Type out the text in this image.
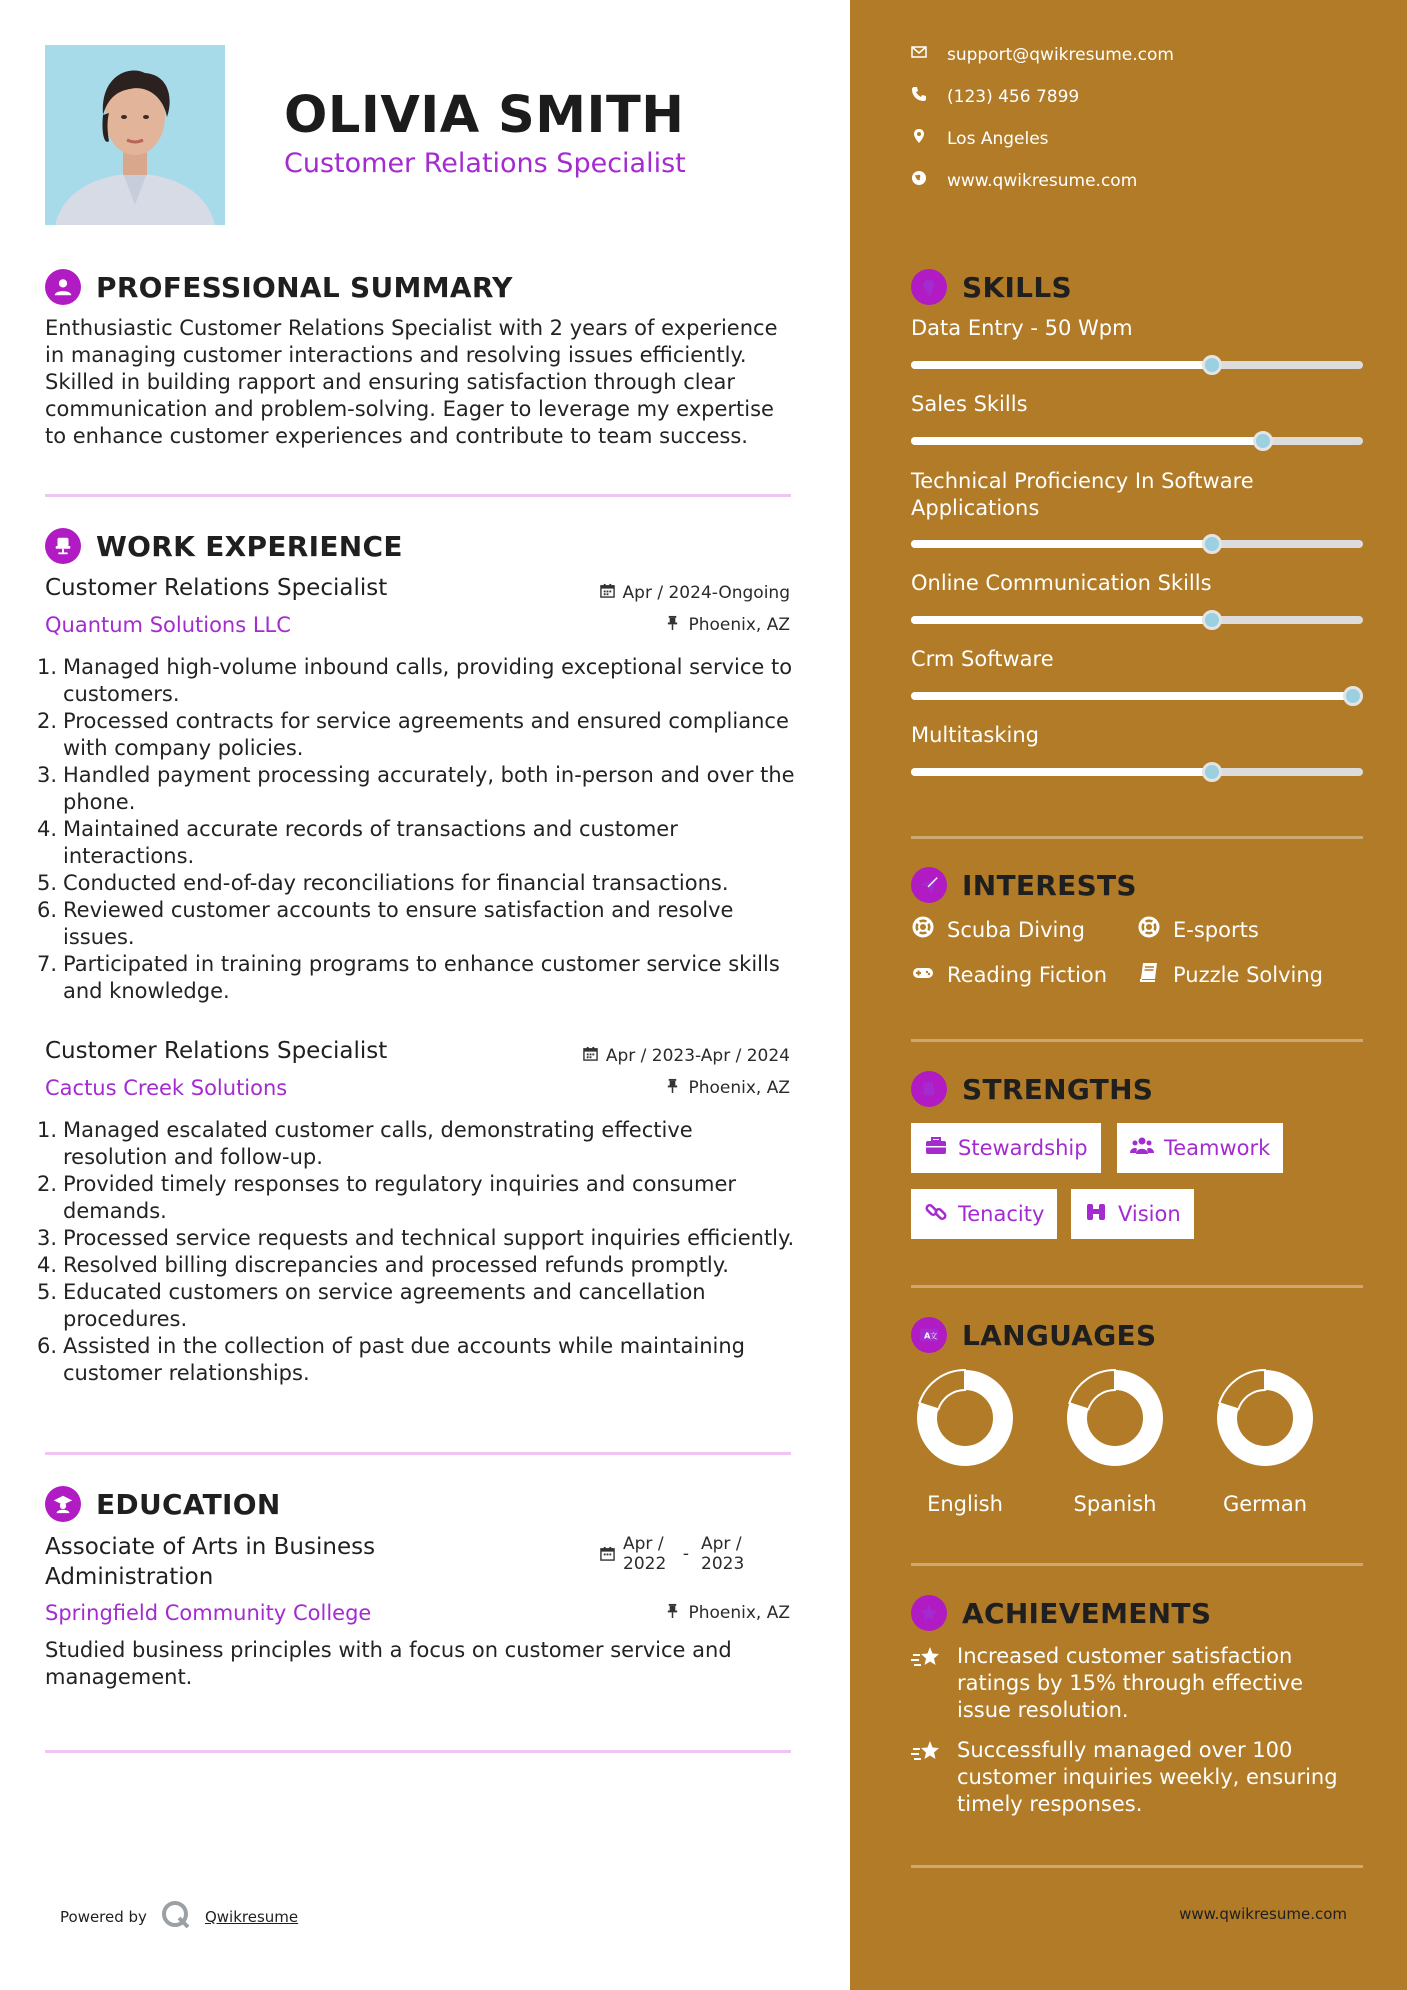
OLIVIA SMITH
Customer Relations Specialist
PROFESSIONAL SUMMARY
Enthusiastic Customer Relations Specialist with 2 years of experience in managing customer interactions and resolving issues efficiently. Skilled in building rapport and ensuring satisfaction through clear communication and problem-solving. Eager to leverage my expertise to enhance customer experiences and contribute to team success.
WORK EXPERIENCE
Customer Relations Specialist	Apr / 2024-Ongoing
Quantum Solutions LLC	Phoenix, AZ
1. Managed high-volume inbound calls, providing exceptional service to customers.
2. Processed contracts for service agreements and ensured compliance with company policies.
3. Handled payment processing accurately, both in-person and over the phone.
4. Maintained accurate records of transactions and customer interactions.
5. Conducted end-of-day reconciliations for financial transactions.
6. Reviewed customer accounts to ensure satisfaction and resolve issues.
7. Participated in training programs to enhance customer service skills and knowledge.
Customer Relations Specialist	Apr / 2023-Apr / 2024
Cactus Creek Solutions	Phoenix, AZ
1. Managed escalated customer calls, demonstrating effective resolution and follow-up.
2. Provided timely responses to regulatory inquiries and consumer demands.
3. Processed service requests and technical support inquiries efficiently.
4. Resolved billing discrepancies and processed refunds promptly.
5. Educated customers on service agreements and cancellation procedures.
6. Assisted in the collection of past due accounts while maintaining customer relationships.
EDUCATION
Associate of Arts in Business Administration
Apr / 2022 - Apr / 2023
Springfield Community College	Phoenix, AZ
Studied business principles with a focus on customer service and management.
Powered by	Qwikresume
support@qwikresume.com
(123) 456 7899
Los Angeles
www.qwikresume.com
SKILLS
Data Entry - 50 Wpm
Sales Skills
Technical Proficiency In Software Applications
Online Communication Skills
Crm Software
Multitasking
INTERESTS
Scuba Diving	E-sports
Reading Fiction	Puzzle Solving
STRENGTHS
Stewardship	Teamwork
Tenacity	Vision
A 文 LANGUAGES
English	Spanish	German
ACHIEVEMENTS
Increased customer satisfaction ratings by 15% through effective issue resolution.
Successfully managed over 100 customer inquiries weekly, ensuring timely responses.
www.qwikresume.com
